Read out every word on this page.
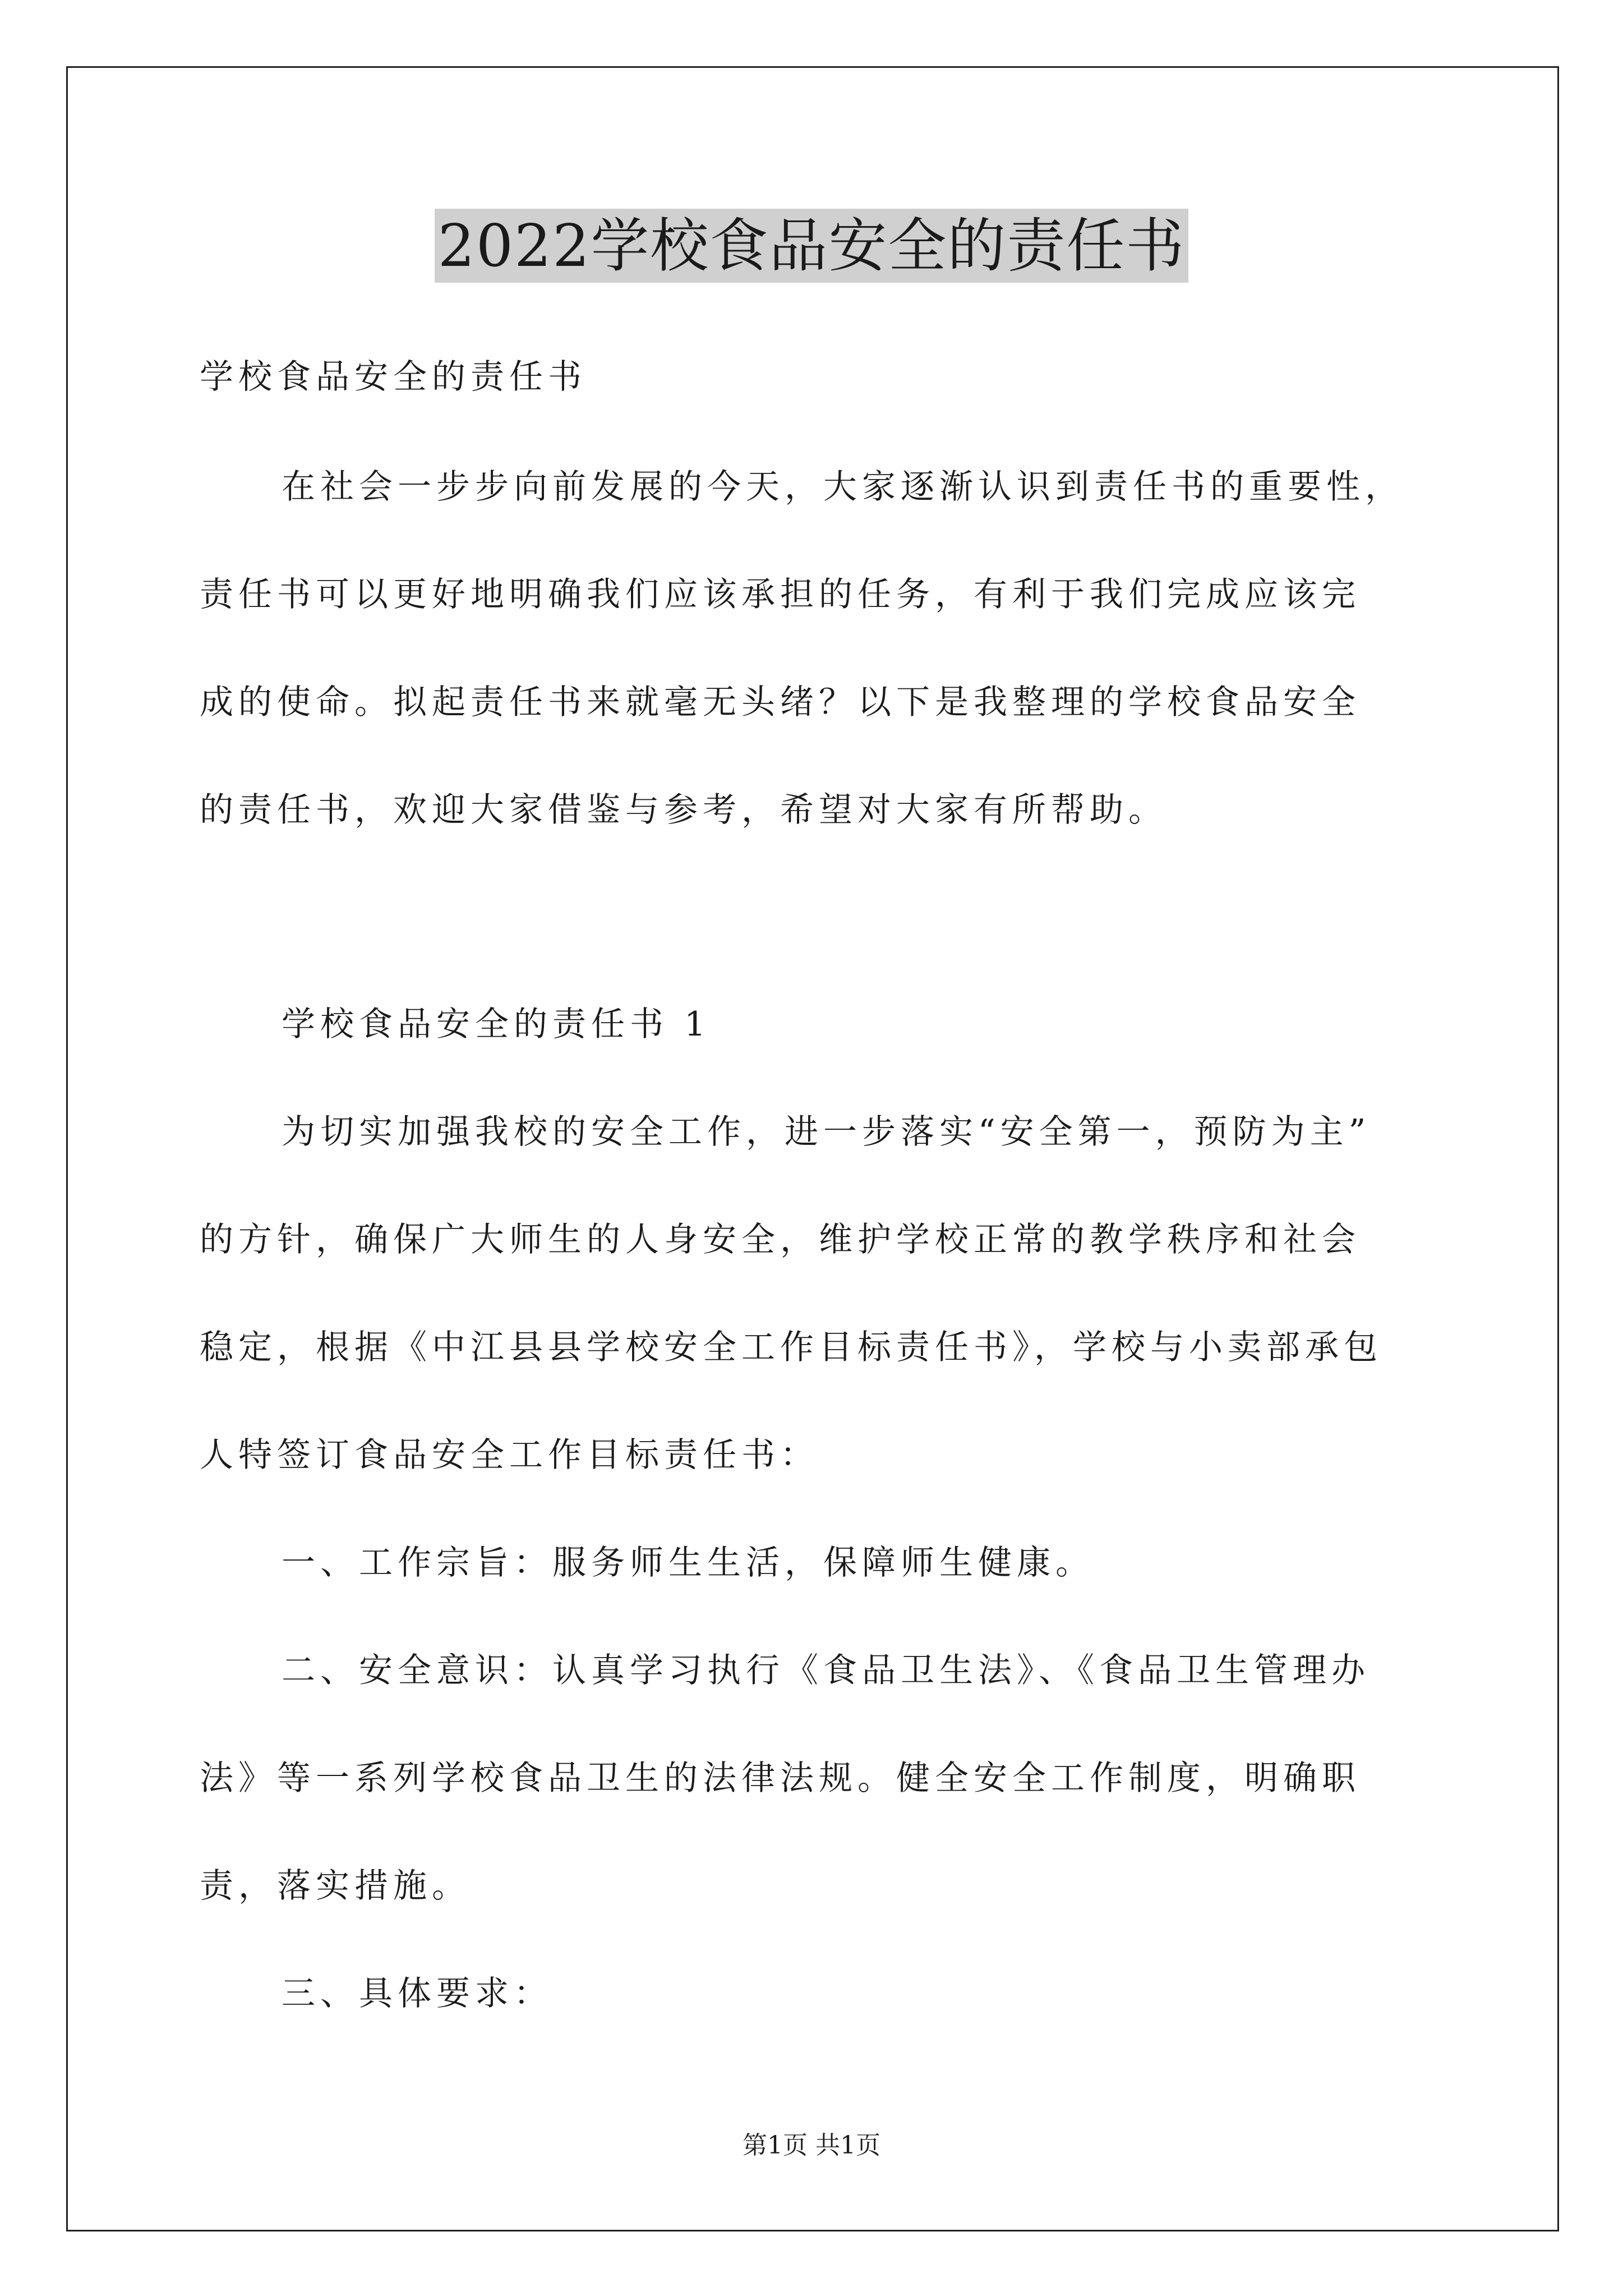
2022学校食品安全的责任书

学校食品安全的责任书

在社会一步步向前发展的今天，大家逐渐认识到责任书的重要性，

责任书可以更好地明确我们应该承担的任务，有利于我们完成应该完

成的使命。拟起责任书来就毫无头绪？以下是我整理的学校食品安全

的责任书，欢迎大家借鉴与参考，希望对大家有所帮助。

学校食品安全的责任书 1

为切实加强我校的安全工作，进一步落实“安全第一，预防为主”

的方针，确保广大师生的人身安全，维护学校正常的教学秩序和社会

稳定，根据《中江县县学校安全工作目标责任书》，学校与小卖部承包

人特签订食品安全工作目标责任书：

一、工作宗旨：服务师生生活，保障师生健康。

二、安全意识：认真学习执行《食品卫生法》、《食品卫生管理办

法》等一系列学校食品卫生的法律法规。健全安全工作制度，明确职

责，落实措施。

三、具体要求：

第1页 共1页
